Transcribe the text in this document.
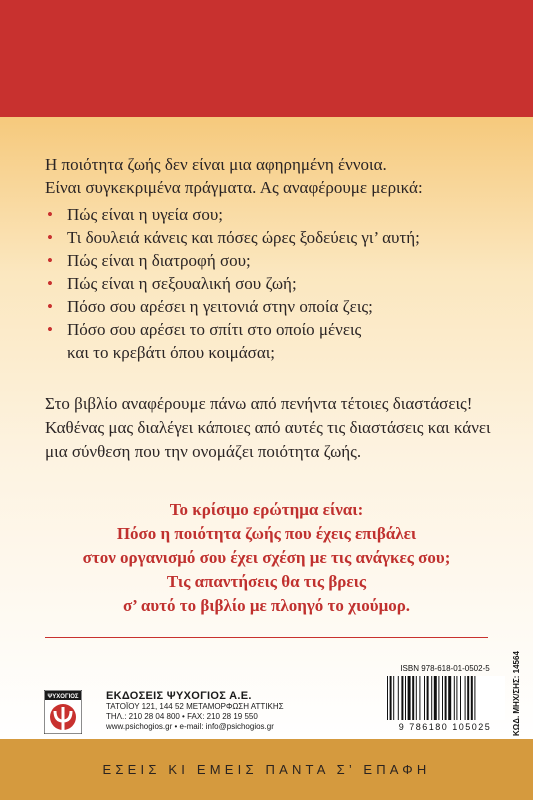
Η ποιότητα ζωής δεν είναι μια αφηρημένη έννοια.

Είναι συγκεκριμένα πράγματα. Ας αναφέρουμε μερικά:

• Πώς είναι η υγεία σου;
• Τι δουλειά κάνεις και πόσες ώρες ξοδεύεις γι’ αυτή;
• Πώς είναι η διατροφή σου;
• Πώς είναι η σεξουαλική σου ζωή;
• Πόσο σου αρέσει η γειτονιά στην οποία ζεις;
• Πόσο σου αρέσει το σπίτι στο οποίο μένεις
και το κρεβάτι όπου κοιμάσαι;

Στο βιβλίο αναφέρουμε πάνω από πενήντα τέτοιες διαστάσεις!

Καθένας μας διαλέγει κάποιες από αυτές τις διαστάσεις και κάνει

μια σύνθεση που την ονομάζει ποιότητα ζωής.

Το κρίσιμο ερώτημα είναι:

Πόσο η ποιότητα ζωής που έχεις επιβάλει

στον οργανισμό σου έχει σχέση με τις ανάγκες σου;

Τις απαντήσεις θα τις βρεις

σ’ αυτό το βιβλίο με πλοηγό το χιούμορ.

ΨΥΧΟΓΙΟΣ ΕΚΔΟΣΕΙΣ ΨΥΧΟΓΙΟΣ Α.Ε.
ΤΑΤΟΪΟΥ 121, 144 52 ΜΕΤΑΜΟΡΦΩΣΗ ΑΤΤΙΚΗΣ
ΤΗΛ.: 210 28 04 800 • FAX: 210 28 19 550
www.psichogios.gr • e-mail: info@psichogios.gr
ISBN 978-618-01-0502-5
9 786180 105025	ΚΩΔ. ΜΗΧ/ΣΗΣ: 14564
ΕΣΕΙΣ ΚΙ ΕΜΕΙΣ ΠΑΝΤΑ Σ’ ΕΠΑΦΗ
